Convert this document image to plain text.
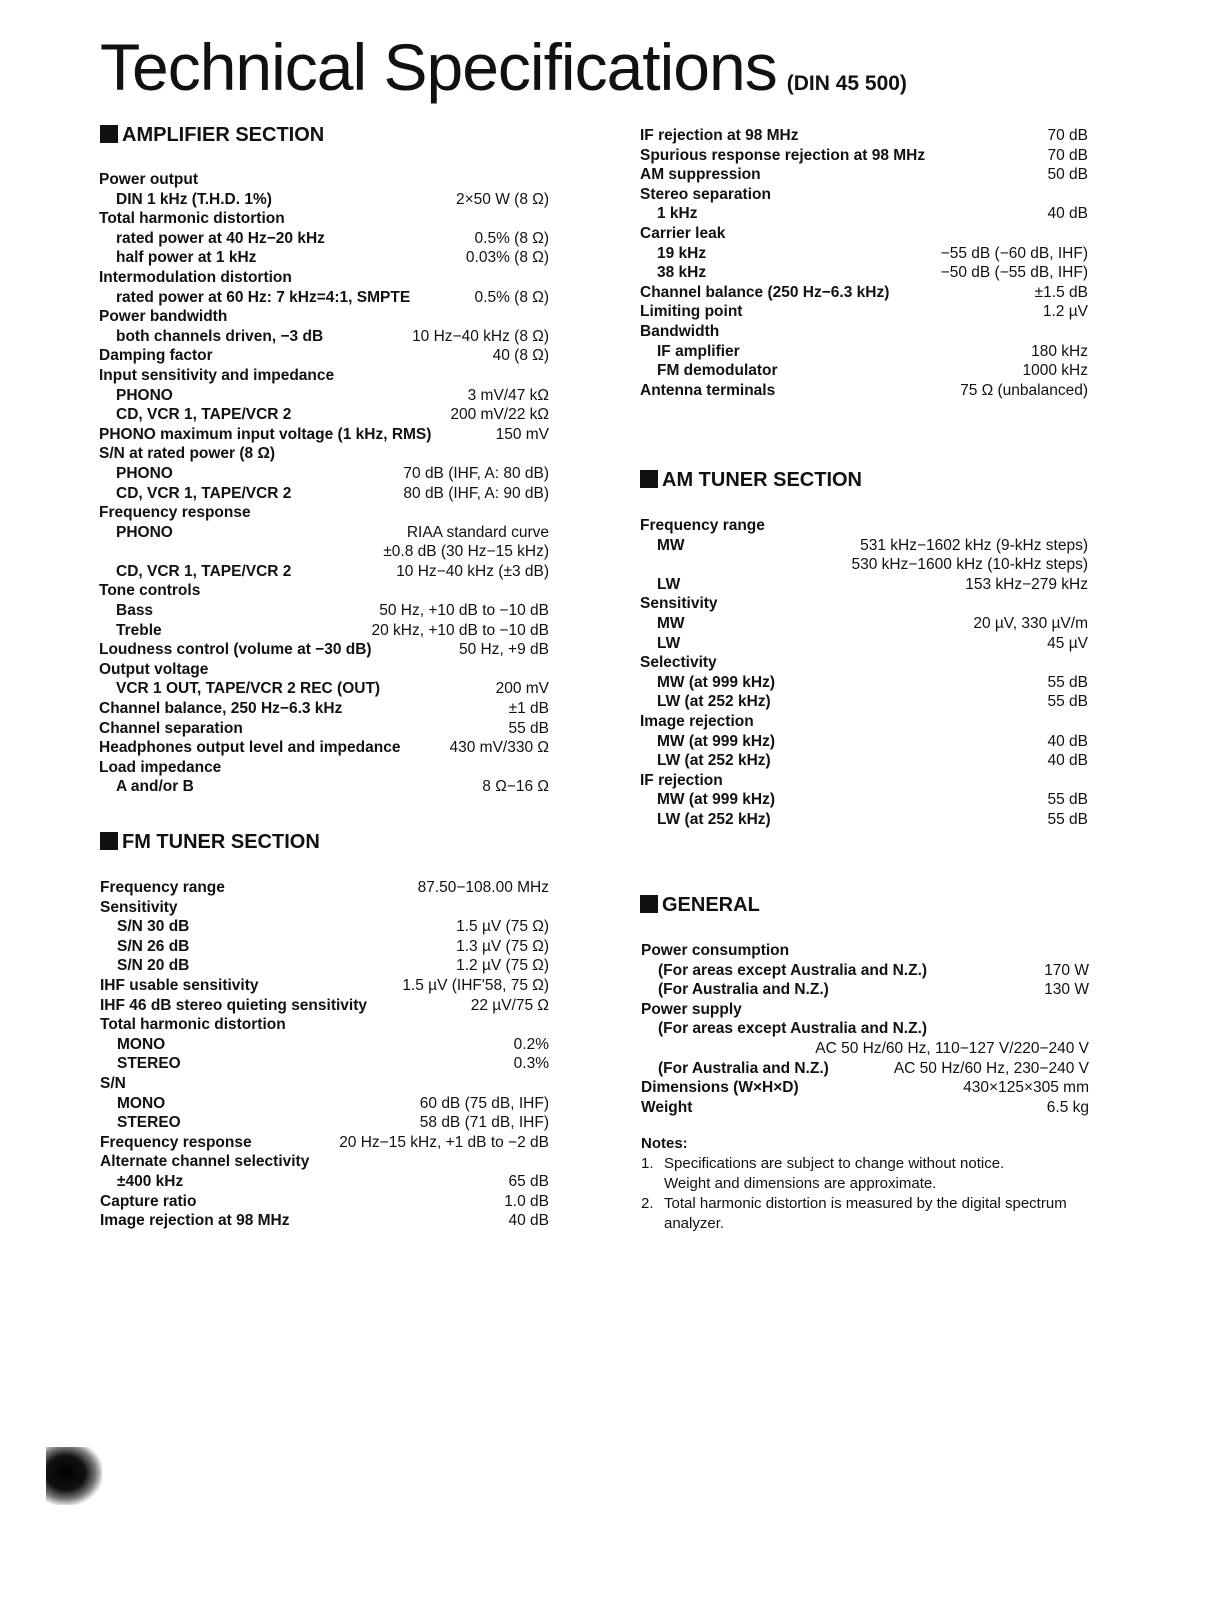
Technical Specifications (DIN 45 500)
AMPLIFIER SECTION
Power output
DIN 1 kHz (T.H.D. 1%)	2×50 W (8 Ω)
Total harmonic distortion
rated power at 40 Hz−20 kHz	0.5% (8 Ω)
half power at 1 kHz	0.03% (8 Ω)
Intermodulation distortion
rated power at 60 Hz: 7 kHz=4:1, SMPTE	0.5% (8 Ω)
Power bandwidth
both channels driven, −3 dB	10 Hz−40 kHz (8 Ω)
Damping factor	40 (8 Ω)
Input sensitivity and impedance
PHONO	3 mV/47 kΩ
CD, VCR 1, TAPE/VCR 2	200 mV/22 kΩ
PHONO maximum input voltage (1 kHz, RMS)	150 mV
S/N at rated power (8 Ω)
PHONO	70 dB (IHF, A: 80 dB)
CD, VCR 1, TAPE/VCR 2	80 dB (IHF, A: 90 dB)
Frequency response
PHONO	RIAA standard curve
±0.8 dB (30 Hz−15 kHz)
CD, VCR 1, TAPE/VCR 2	10 Hz−40 kHz (±3 dB)
Tone controls
Bass	50 Hz, +10 dB to −10 dB
Treble	20 kHz, +10 dB to −10 dB
Loudness control (volume at −30 dB)	50 Hz, +9 dB
Output voltage
VCR 1 OUT, TAPE/VCR 2 REC (OUT)	200 mV
Channel balance, 250 Hz−6.3 kHz	±1 dB
Channel separation	55 dB
Headphones output level and impedance	430 mV/330 Ω
Load impedance
A and/or B	8 Ω−16 Ω
FM TUNER SECTION
Frequency range	87.50−108.00 MHz
Sensitivity
S/N 30 dB	1.5 µV (75 Ω)
S/N 26 dB	1.3 µV (75 Ω)
S/N 20 dB	1.2 µV (75 Ω)
IHF usable sensitivity	1.5 µV (IHF'58, 75 Ω)
IHF 46 dB stereo quieting sensitivity	22 µV/75 Ω
Total harmonic distortion
MONO	0.2%
STEREO	0.3%
S/N
MONO	60 dB (75 dB, IHF)
STEREO	58 dB (71 dB, IHF)
Frequency response	20 Hz−15 kHz, +1 dB to −2 dB
Alternate channel selectivity
±400 kHz	65 dB
Capture ratio	1.0 dB
Image rejection at 98 MHz	40 dB
IF rejection at 98 MHz	70 dB
Spurious response rejection at 98 MHz	70 dB
AM suppression	50 dB
Stereo separation
1 kHz	40 dB
Carrier leak
19 kHz	−55 dB (−60 dB, IHF)
38 kHz	−50 dB (−55 dB, IHF)
Channel balance (250 Hz−6.3 kHz)	±1.5 dB
Limiting point	1.2 µV
Bandwidth
IF amplifier	180 kHz
FM demodulator	1000 kHz
Antenna terminals	75 Ω (unbalanced)
AM TUNER SECTION
Frequency range
MW	531 kHz−1602 kHz (9-kHz steps)
530 kHz−1600 kHz (10-kHz steps)
LW	153 kHz−279 kHz
Sensitivity
MW	20 µV, 330 µV/m
LW	45 µV
Selectivity
MW (at 999 kHz)	55 dB
LW (at 252 kHz)	55 dB
Image rejection
MW (at 999 kHz)	40 dB
LW (at 252 kHz)	40 dB
IF rejection
MW (at 999 kHz)	55 dB
LW (at 252 kHz)	55 dB
GENERAL
Power consumption
(For areas except Australia and N.Z.)	170 W
(For Australia and N.Z.)	130 W
Power supply
(For areas except Australia and N.Z.)
AC 50 Hz/60 Hz, 110−127 V/220−240 V
(For Australia and N.Z.)	AC 50 Hz/60 Hz, 230−240 V
Dimensions (W×H×D)	430×125×305 mm
Weight	6.5 kg
Notes:
1. Specifications are subject to change without notice.
Weight and dimensions are approximate.
2. Total harmonic distortion is measured by the digital spectrum
analyzer.
